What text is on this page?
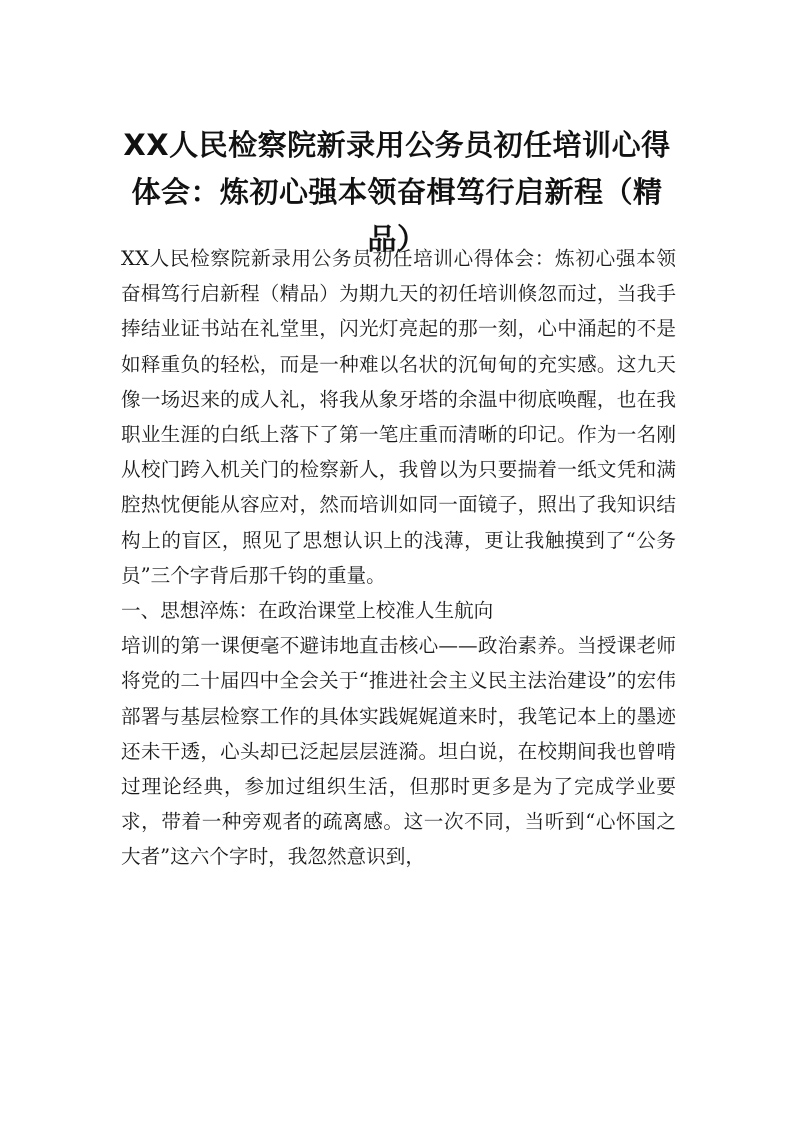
XX人民检察院新录用公务员初任培训心得体会：炼初心强本领奋楫笃行启新程（精品）

XX人民检察院新录用公务员初任培训心得体会：炼初心强本领奋楫笃行启新程（精品）为期九天的初任培训倏忽而过，当我手捧结业证书站在礼堂里，闪光灯亮起的那一刻，心中涌起的不是如释重负的轻松，而是一种难以名状的沉甸甸的充实感。这九天像一场迟来的成人礼，将我从象牙塔的余温中彻底唤醒，也在我职业生涯的白纸上落下了第一笔庄重而清晰的印记。作为一名刚从校门跨入机关门的检察新人，我曾以为只要揣着一纸文凭和满腔热忱便能从容应对，然而培训如同一面镜子，照出了我知识结构上的盲区，照见了思想认识上的浅薄，更让我触摸到了“公务员”三个字背后那千钧的重量。

一、思想淬炼：在政治课堂上校准人生航向

培训的第一课便毫不避讳地直击核心——政治素养。当授课老师将党的二十届四中全会关于“推进社会主义民主法治建设”的宏伟部署与基层检察工作的具体实践娓娓道来时，我笔记本上的墨迹还未干透，心头却已泛起层层涟漪。坦白说，在校期间我也曾啃过理论经典，参加过组织生活，但那时更多是为了完成学业要求，带着一种旁观者的疏离感。这一次不同，当听到“心怀国之大者”这六个字时，我忽然意识到，
